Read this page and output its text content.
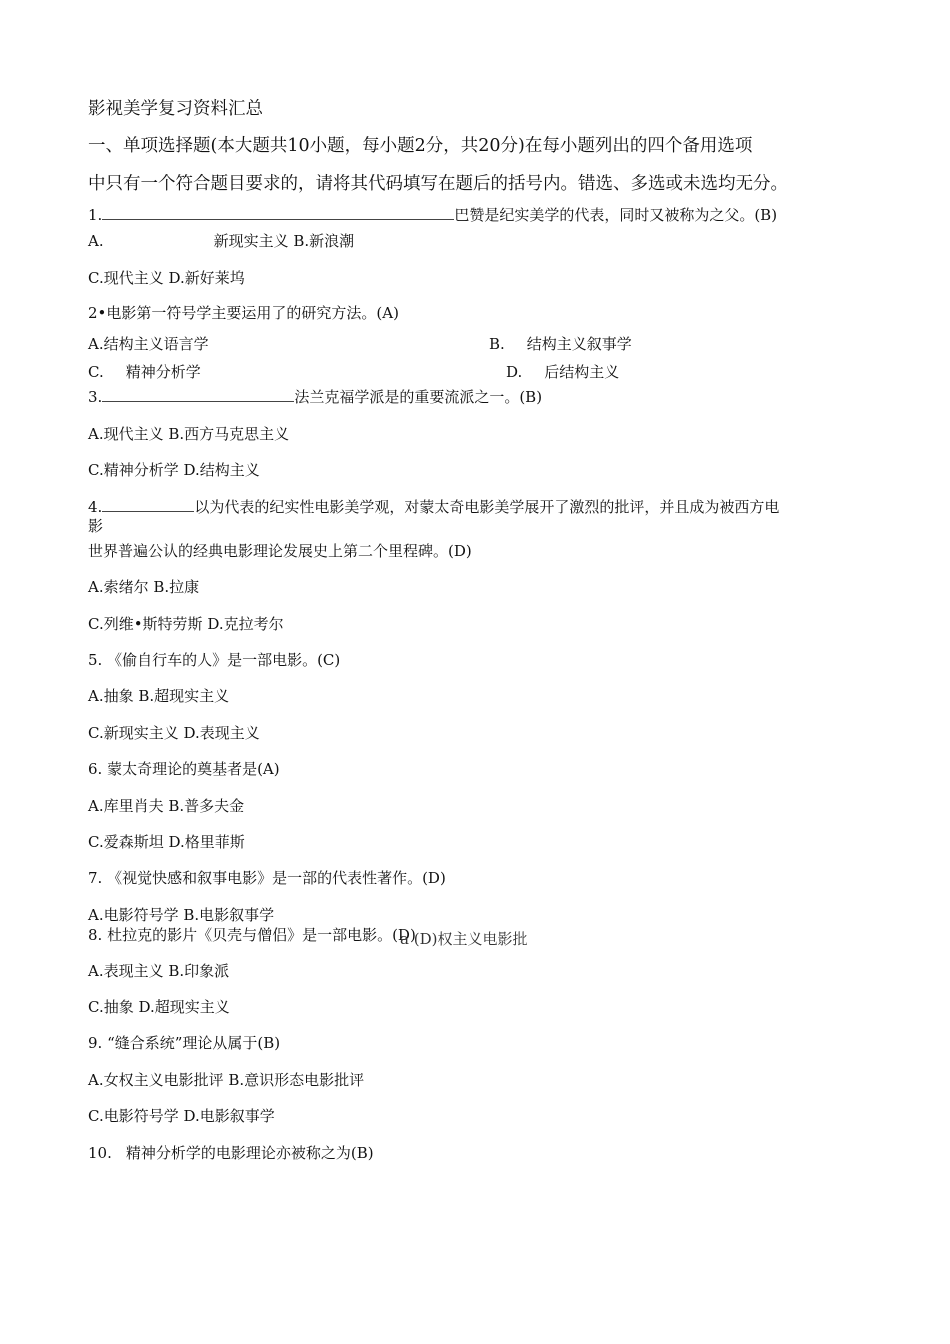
影视美学复习资料汇总
一、单项选择题(本大题共10小题，每小题2分，共20分)在每小题列出的四个备用选项
中只有一个符合题目要求的，请将其代码填写在题后的括号内。错选、多选或未选均无分。
1.	巴赞是纪实美学的代表，同时又被称为之父。(B)
A.	新现实主义 B.新浪潮
C.现代主义 D.新好莱坞
2•电影第一符号学主要运用了的研究方法。(A)
A.结构主义语言学	B. 结构主义叙事学
C. 精神分析学	D. 后结构主义
3.	法兰克福学派是的重要流派之一。(B)
A.现代主义 B.西方马克思主义
C.精神分析学 D.结构主义
4.	以为代表的纪实性电影美学观，对蒙太奇电影美学展开了激烈的批评，并且成为被西方电
影
世界普遍公认的经典电影理论发展史上第二个里程碑。(D)
A.索绪尔 B.拉康
C.列维•斯特劳斯 D.克拉考尔
5. 《偷自行车的人》是一部电影。(C)
A.抽象 B.超现实主义
C.新现实主义 D.表现主义
6. 蒙太奇理论的奠基者是(A)
A.库里肖夫 B.普多夫金
C.爱森斯坦 D.格里菲斯
7. 《视觉快感和叙事电影》是一部的代表性著作。(D)
A.电影符号学 B.电影叙事学
8. 杜拉克的影片《贝壳与僧侣》是一部电影。(D)
a (D)权主义电影批
A.表现主义 B.印象派
C.抽象 D.超现实主义
9. “缝合系统”理论从属于(B)
A.女权主义电影批评 B.意识形态电影批评
C.电影符号学 D.电影叙事学
10. 精神分析学的电影理论亦被称之为(B)
